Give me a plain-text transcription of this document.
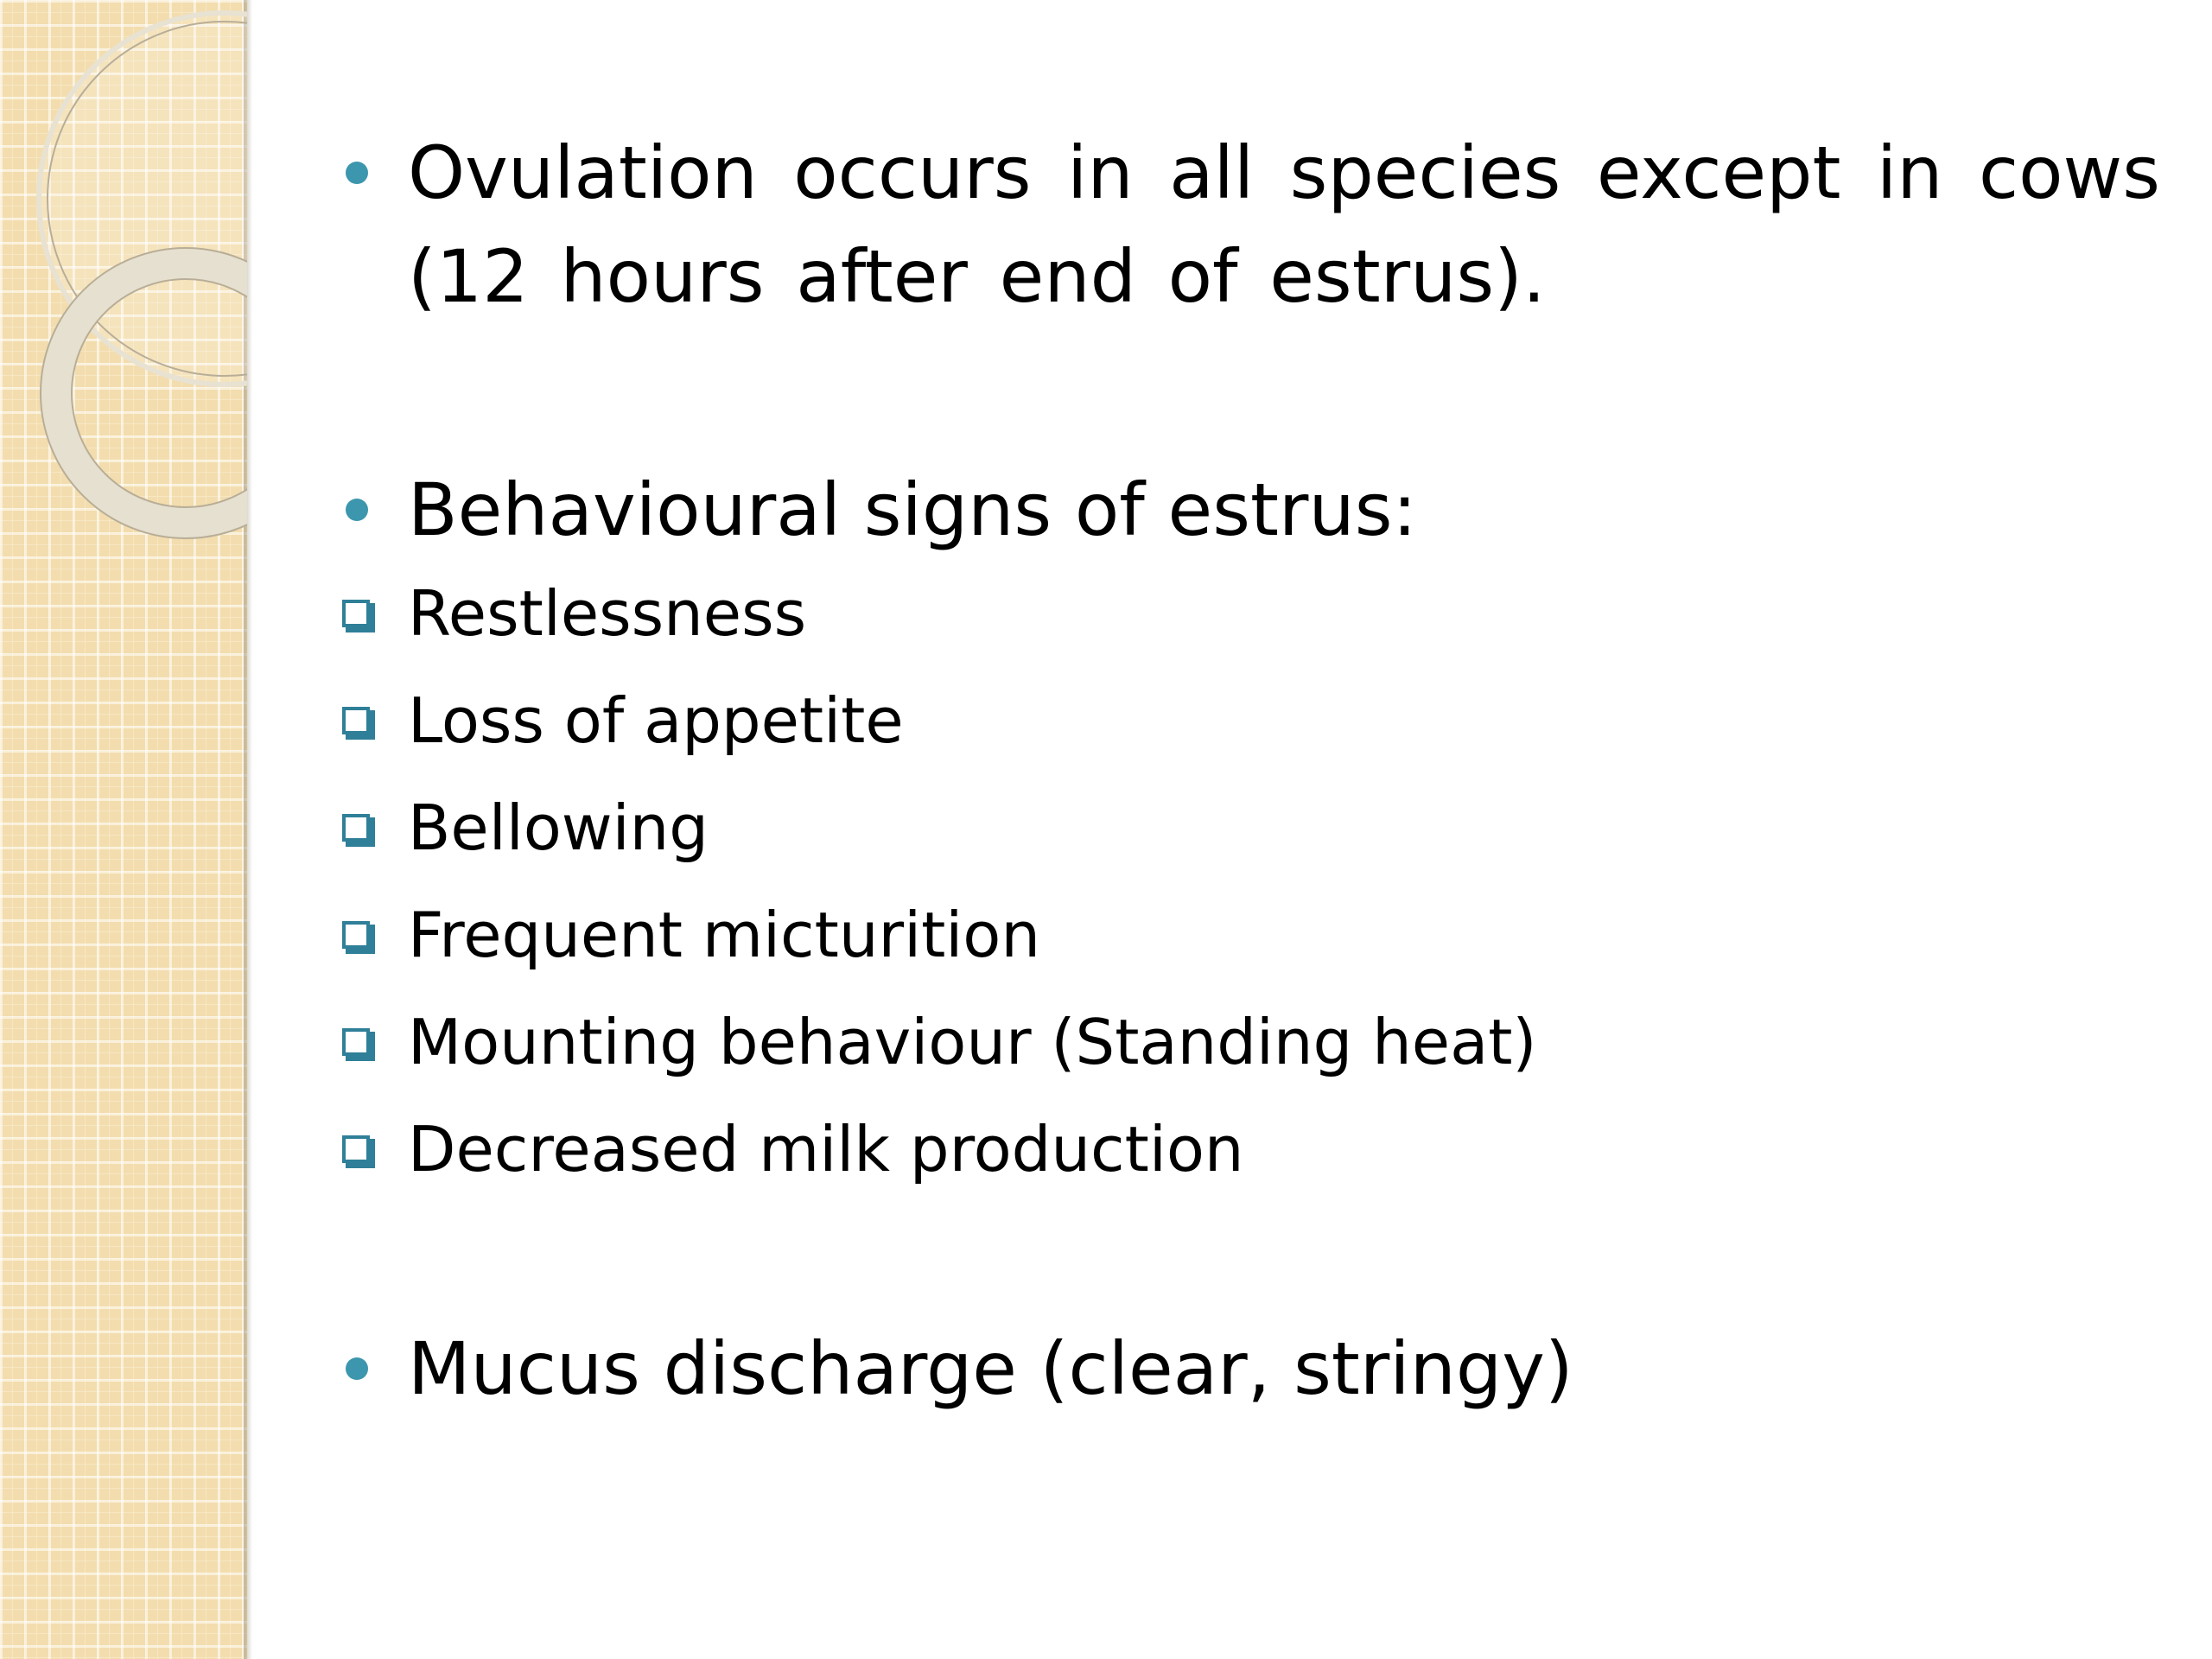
Ovulation occurs in all species except in cows (12 hours after end of estrus).

Behavioural signs of estrus:

Restlessness

Loss of appetite

Bellowing

Frequent micturition

Mounting behaviour (Standing heat)

Decreased milk production

Mucus discharge (clear, stringy)
